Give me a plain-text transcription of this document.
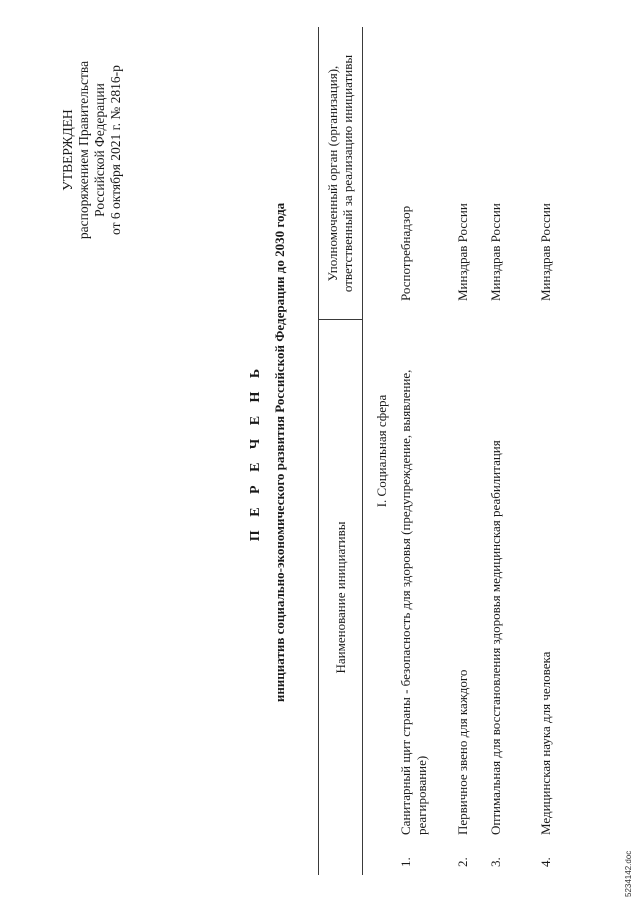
УТВЕРЖДЕН распоряжением Правительства Российской Федерации от 6 октября 2021 г. № 2816-р
П Е Р Е Ч Е Н Ь инициатив социально-экономического развития Российской Федерации до 2030 года	Наименование инициативы
Уполномоченный орган (организация), ответственный за реализацию инициативы
I. Социальная сфера
1.
Санитарный щит страны - безопасность для здоровья (предупреждение, выявление, реагирование)
Роспотребнадзор
2.
Первичное звено для каждого
Минздрав России
3.
Оптимальная для восстановления здоровья медицинская реабилитация
Минздрав России
4.
Медицинская наука для человека
Минздрав России
5234142.doc
